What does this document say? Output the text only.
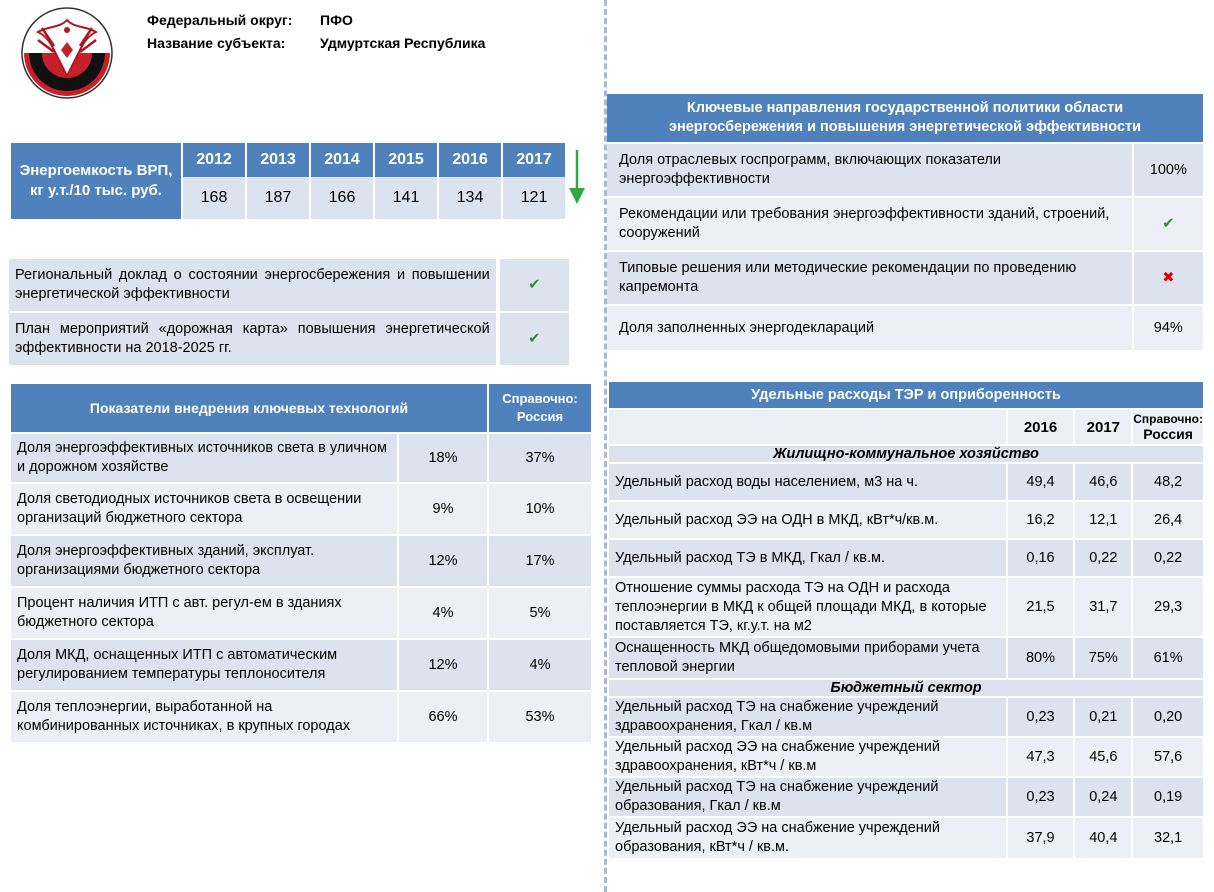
Федеральный округ: ПФО
Название субъекта: Удмуртская Республика
Энергоемкость ВРП,
кг у.т./10 тыс. руб.	2012	2013	2014	2015	2016	2017
	168	187	166	141	134	121
Региональный доклад о состоянии энергосбережения и повышении энергетической эффективности		✔
План мероприятий «дорожная карта» повышения энергетической эффективности на 2018-2025 гг.		✔
Показатели внедрения ключевых технологий		Справочно: Россия
Доля энергоэффективных источников света в уличном и дорожном хозяйстве	18%	37%
Доля светодиодных источников света в освещении организаций бюджетного сектора	9%	10%
Доля энергоэффективных зданий, эксплуат. организациями бюджетного сектора	12%	17%
Процент наличия ИТП с авт. регул-ем в зданиях бюджетного сектора	4%	5%
Доля МКД, оснащенных ИТП с автоматическим регулированием температуры теплоносителя	12%	4%
Доля теплоэнергии, выработанной на комбинированных источниках, в крупных городах	66%	53%
Ключевые направления государственной политики области энергосбережения и повышения энергетической эффективности		
Доля отраслевых госпрограмм, включающих показатели энергоэффективности		100%
Рекомендации или требования энергоэффективности зданий, строений, сооружений		✔
Типовые решения или методические рекомендации по проведению капремонта		✖
Доля заполненных энергодеклараций		94%
Удельные расходы ТЭР и оприборенность			
	2016	2017	Справочно:
Россия

Жилищно-коммунальное хозяйство			
Удельный расход воды населением, м3 на ч.	49,4	46,6	48,2
Удельный расход ЭЭ на ОДН в МКД, кВт*ч/кв.м.	16,2	12,1	26,4
Удельный расход ТЭ в МКД, Гкал / кв.м.	0,16	0,22	0,22
Отношение суммы расхода ТЭ на ОДН и расхода теплоэнергии в МКД к общей площади МКД, в которые поставляется ТЭ, кг.у.т. на м2	21,5	31,7	29,3
Оснащенность МКД общедомовыми приборами учета тепловой энергии	80%	75%	61%
Бюджетный сектор			
Удельный расход ТЭ на снабжение учреждений здравоохранения, Гкал / кв.м	0,23	0,21	0,20
Удельный расход ЭЭ на снабжение учреждений здравоохранения, кВт*ч / кв.м	47,3	45,6	57,6
Удельный расход ТЭ на снабжение учреждений образования, Гкал / кв.м	0,23	0,24	0,19
Удельный расход ЭЭ на снабжение учреждений образования, кВт*ч / кв.м.	37,9	40,4	32,1
